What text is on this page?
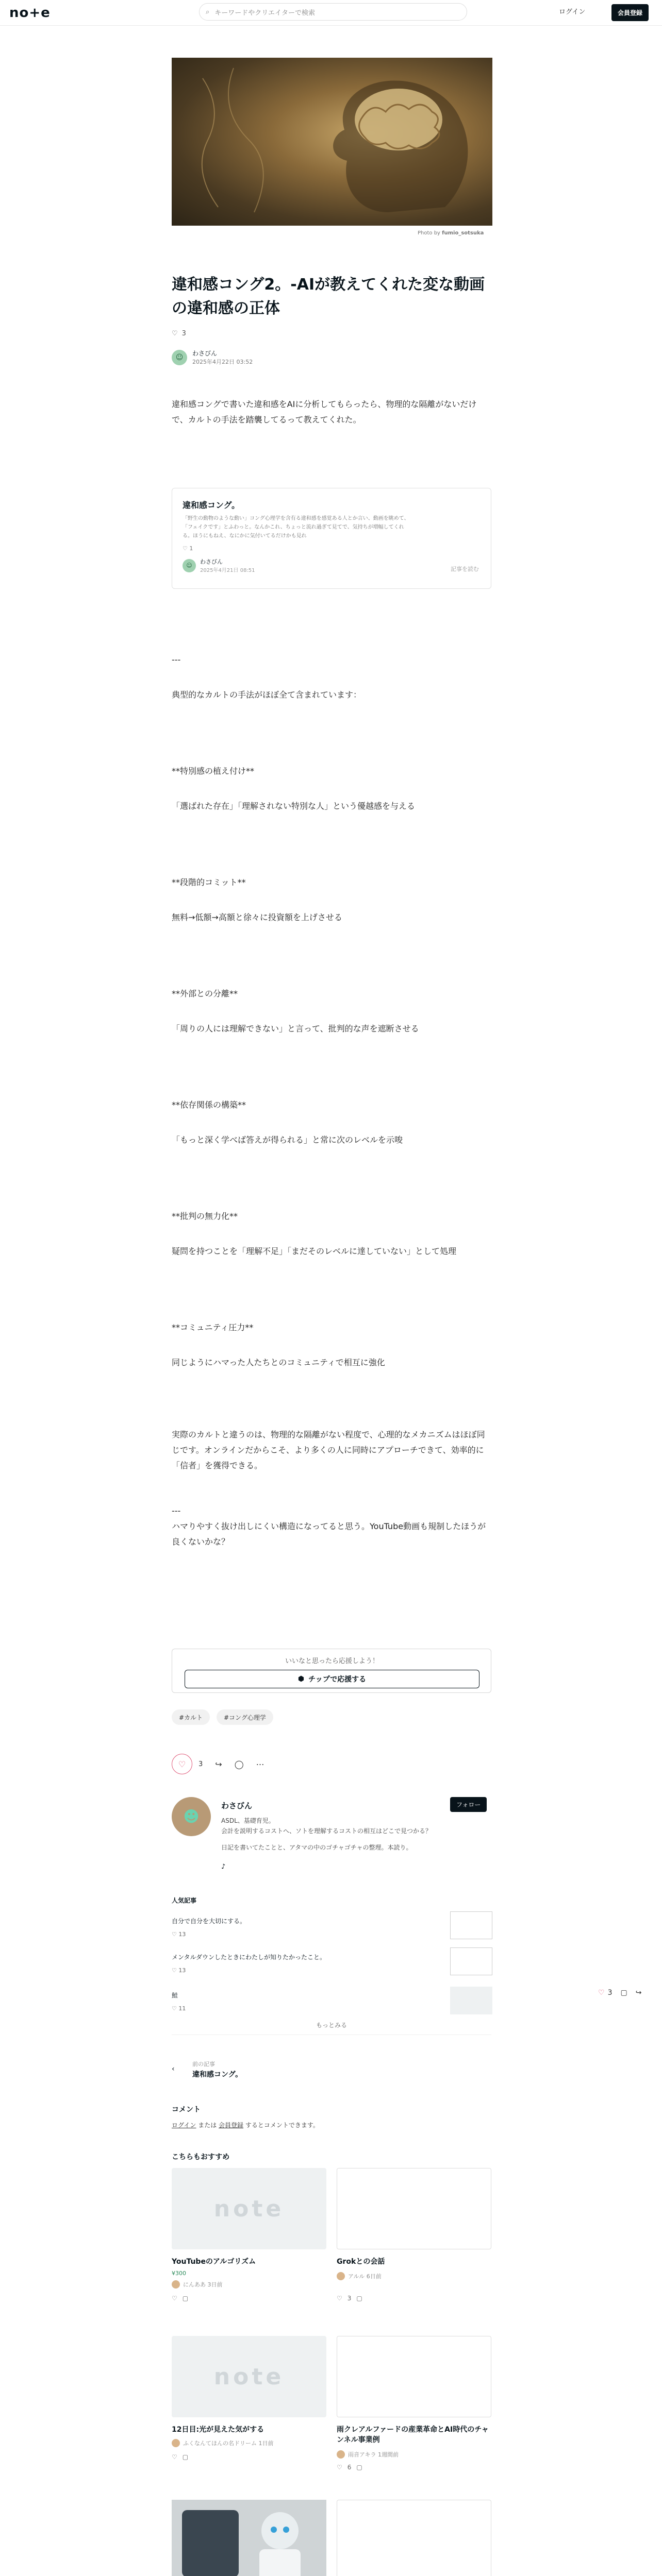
no+e	⌕ キーワードやクリエイターで検索	ログイン	会員登録
Photo by fumio_sotsuka
違和感コング2。-AIが教えてくれた変な動画の違和感の正体
♡ 3
☺	わさびん
2025年4月22日 03:52
違和感コングで書いた違和感をAIに分析してもらったら、物理的な隔離がないだけで、カルトの手法を踏襲してるって教えてくれた。
違和感コング。
「野生の動物のような動い」コング心理学を含有る違和感を感覚ある人とか言い、動画を眺めて、「フェイクです」とふわっと。なんかこれ、ちょっと流れ過ぎて見てで、気持ちが増幅してくれる。ほうにもねえ、なにかに気付いてるだけかも見れ
♡ 1
☺
わさびん
2025年4月21日 08:51	記事を読む
---
典型的なカルトの手法がほぼ全て含まれています：
**特別感の植え付け**
「選ばれた存在」「理解されない特別な人」という優越感を与える
**段階的コミット**
無料→低額→高額と徐々に投資額を上げさせる
**外部との分離**
「周りの人には理解できない」と言って、批判的な声を遮断させる
**依存関係の構築**
「もっと深く学べば答えが得られる」と常に次のレベルを示唆
**批判の無力化**
疑問を持つことを「理解不足」「まだそのレベルに達していない」として処理
**コミュニティ圧力**
同じようにハマった人たちとのコミュニティで相互に強化
実際のカルトと違うのは、物理的な隔離がない程度で、心理的なメカニズムはほぼ同じです。オンラインだからこそ、より多くの人に同時にアプローチできて、効率的に「信者」を獲得できる。
---
ハマりやすく抜け出しにくい構造になってると思う。YouTube動画も規制したほうが良くないかな？
いいなと思ったら応援しよう！
⬢ チップで応援する
#カルト	#コング心理学
♡ 3 ↪ ◯ ⋯
☻
わさびん	フォロー
ASDL、基礎育児。
会計を説明するコストへ、ソトを理解するコストの相互はどこで見つかる？
日記を書いてたことと、アタマの中のゴチャゴチャの整理。本読り。
♪
人気記事
自分で自分を大切にする。
♡ 13
メンタルダウンしたときにわたしが知りたかったこと。
♡ 13
鮭
♡ 11
もっとみる
‹
前の記事
違和感コング。
コメント
ログイン または 会員登録 するとコメントできます。
こちらもおすすめ
note
YouTubeのアルゴリズム	Grokとの会話
¥300
にんああ 3日前
アルル 6日前
♡ ▢	♡ 3 ▢
note
12日目:光が見えた気がする	雨クレアルファードの産業革命とAI時代のチャンネル事業例
ふくなんてほんの名ドリーム 1日前
雨音アキラ 1週間前
♡ ▢
♡ 6 ▢
♡ 3 ▢ ↪
